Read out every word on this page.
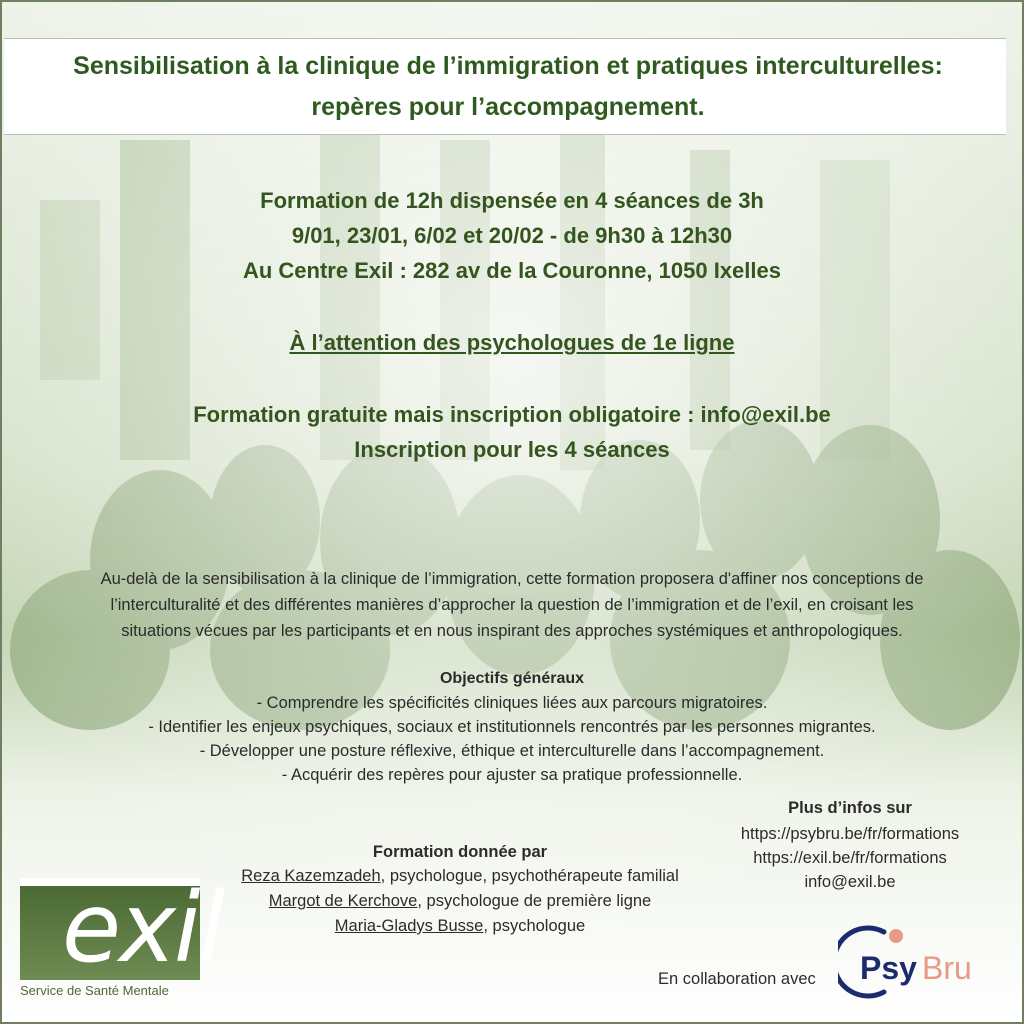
Sensibilisation à la clinique de l’immigration et pratiques interculturelles:
repères pour l’accompagnement.
Formation de 12h dispensée en 4 séances de 3h
9/01, 23/01, 6/02 et 20/02 - de 9h30 à 12h30
Au Centre Exil : 282 av de la Couronne, 1050 Ixelles
À l’attention des psychologues de 1e ligne
Formation gratuite mais inscription obligatoire : info@exil.be
Inscription pour les 4 séances
Au-delà de la sensibilisation à la clinique de l’immigration, cette formation proposera d'affiner nos conceptions de
l’interculturalité et des différentes manières d’approcher la question de l’immigration et de l’exil, en croisant les
situations vécues par les participants et en nous inspirant des approches systémiques et anthropologiques.
Objectifs généraux
- Comprendre les spécificités cliniques liées aux parcours migratoires.
- Identifier les enjeux psychiques, sociaux et institutionnels rencontrés par les personnes migrantes.
- Développer une posture réflexive, éthique et interculturelle dans l’accompagnement.
- Acquérir des repères pour ajuster sa pratique professionnelle.
Plus d’infos sur
https://psybru.be/fr/formations
https://exil.be/fr/formations
info@exil.be
Formation donnée par
Reza Kazemzadeh, psychologue, psychothérapeute familial
Margot de Kerchove, psychologue de première ligne
Maria-Gladys Busse, psychologue
exil
Service de Santé Mentale
En collaboration avec Psy Bru
